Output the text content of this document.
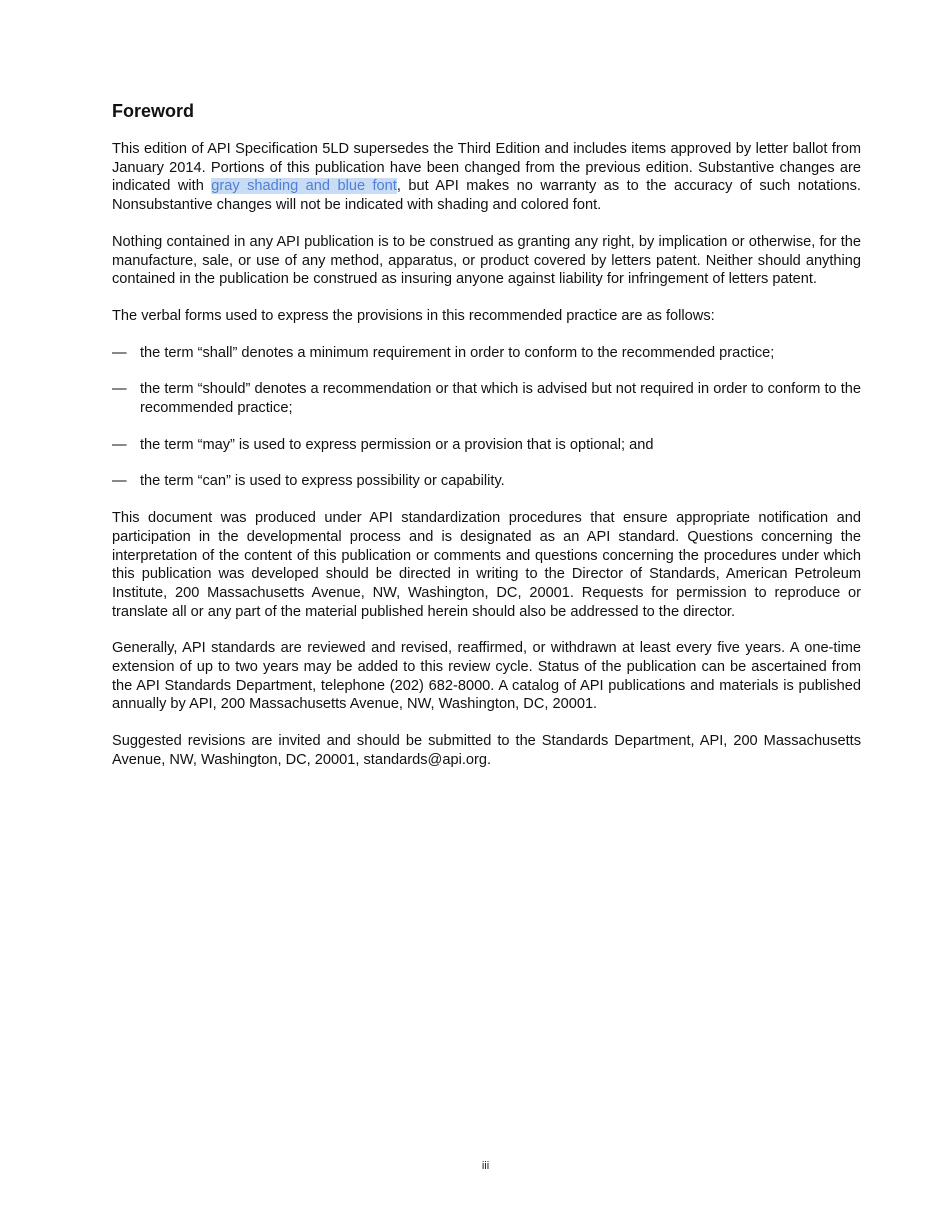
Foreword

This edition of API Specification 5LD supersedes the Third Edition and includes items approved by letter ballot from January 2014. Portions of this publication have been changed from the previous edition. Substantive changes are indicated with gray shading and blue font, but API makes no warranty as to the accuracy of such notations. Nonsubstantive changes will not be indicated with shading and colored font.

Nothing contained in any API publication is to be construed as granting any right, by implication or otherwise, for the manufacture, sale, or use of any method, apparatus, or product covered by letters patent. Neither should anything contained in the publication be construed as insuring anyone against liability for infringement of letters patent.

The verbal forms used to express the provisions in this recommended practice are as follows:

— the term “shall” denotes a minimum requirement in order to conform to the recommended practice;
— the term “should” denotes a recommendation or that which is advised but not required in order to conform to the recommended practice;
— the term “may” is used to express permission or a provision that is optional; and
— the term “can” is used to express possibility or capability.

This document was produced under API standardization procedures that ensure appropriate notification and participation in the developmental process and is designated as an API standard. Questions concerning the interpretation of the content of this publication or comments and questions concerning the procedures under which this publication was developed should be directed in writing to the Director of Standards, American Petroleum Institute, 200 Massachusetts Avenue, NW, Washington, DC, 20001. Requests for permission to reproduce or translate all or any part of the material published herein should also be addressed to the director.

Generally, API standards are reviewed and revised, reaffirmed, or withdrawn at least every five years. A one-time extension of up to two years may be added to this review cycle. Status of the publication can be ascertained from the API Standards Department, telephone (202) 682-8000. A catalog of API publications and materials is published annually by API, 200 Massachusetts Avenue, NW, Washington, DC, 20001.

Suggested revisions are invited and should be submitted to the Standards Department, API, 200 Massachusetts Avenue, NW, Washington, DC, 20001, standards@api.org.

iii
